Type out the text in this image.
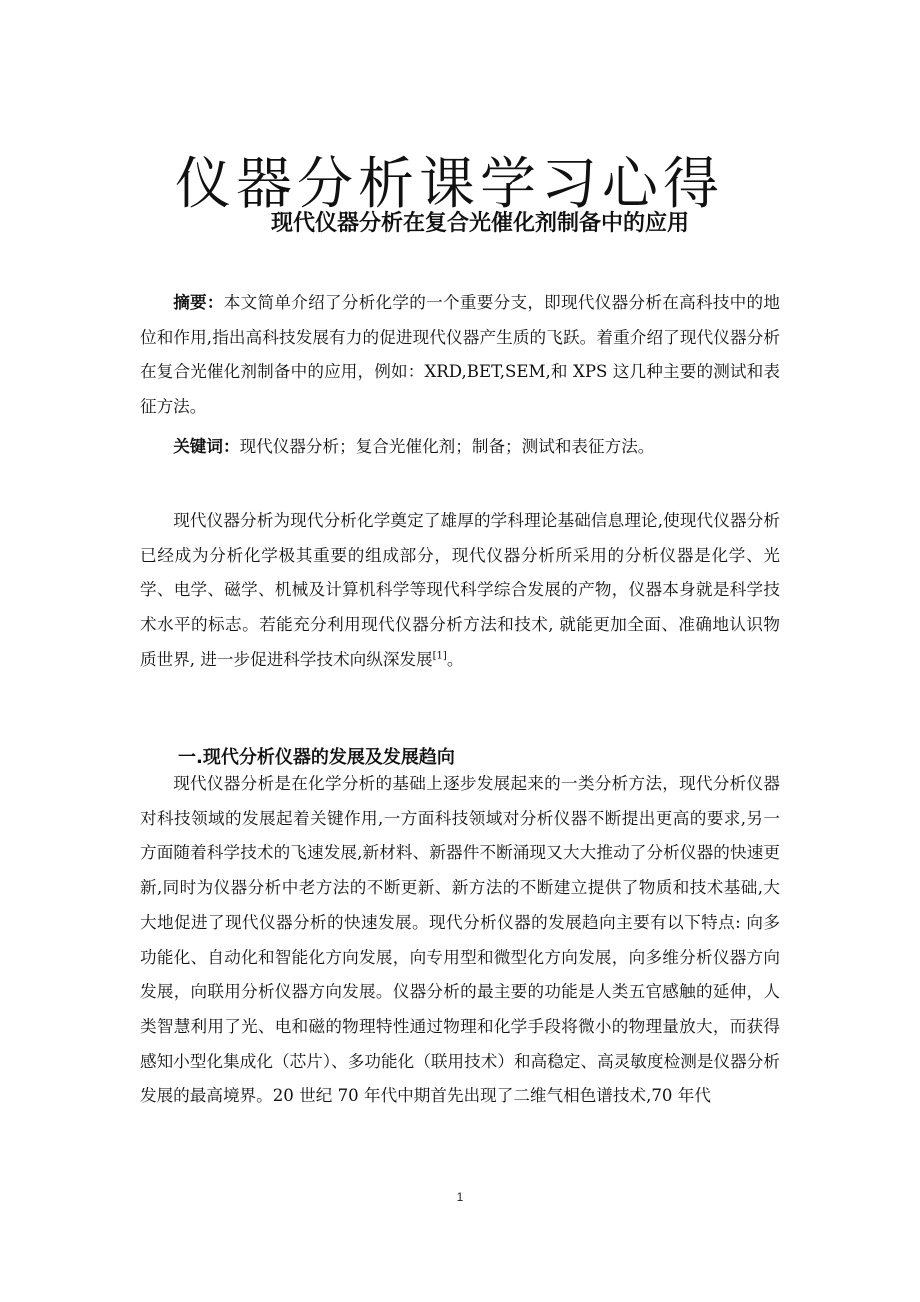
仪器分析课学习心得
现代仪器分析在复合光催化剂制备中的应用

摘要：本文简单介绍了分析化学的一个重要分支，即现代仪器分析在高科技中的地位和作用,指出高科技发展有力的促进现代仪器产生质的飞跃。着重介绍了现代仪器分析在复合光催化剂制备中的应用，例如：XRD,BET,SEM,和 XPS 这几种主要的测试和表征方法。

关键词：现代仪器分析；复合光催化剂；制备；测试和表征方法。

现代仪器分析为现代分析化学奠定了雄厚的学科理论基础信息理论,使现代仪器分析已经成为分析化学极其重要的组成部分，现代仪器分析所采用的分析仪器是化学、光学、电学、磁学、机械及计算机科学等现代科学综合发展的产物，仪器本身就是科学技术水平的标志。若能充分利用现代仪器分析方法和技术, 就能更加全面、准确地认识物质世界, 进一步促进科学技术向纵深发展[1]。

一.现代分析仪器的发展及发展趋向

现代仪器分析是在化学分析的基础上逐步发展起来的一类分析方法，现代分析仪器对科技领域的发展起着关键作用,一方面科技领域对分析仪器不断提出更高的要求,另一方面随着科学技术的飞速发展,新材料、新器件不断涌现又大大推动了分析仪器的快速更新,同时为仪器分析中老方法的不断更新、新方法的不断建立提供了物质和技术基础,大大地促进了现代仪器分析的快速发展。现代分析仪器的发展趋向主要有以下特点: 向多功能化、自动化和智能化方向发展，向专用型和微型化方向发展，向多维分析仪器方向发展，向联用分析仪器方向发展。仪器分析的最主要的功能是人类五官感触的延伸，人类智慧利用了光、电和磁的物理特性通过物理和化学手段将微小的物理量放大，而获得感知小型化集成化（芯片）、多功能化（联用技术）和高稳定、高灵敏度检测是仪器分析发展的最高境界。20 世纪 70 年代中期首先出现了二维气相色谱技术,70 年代

1
